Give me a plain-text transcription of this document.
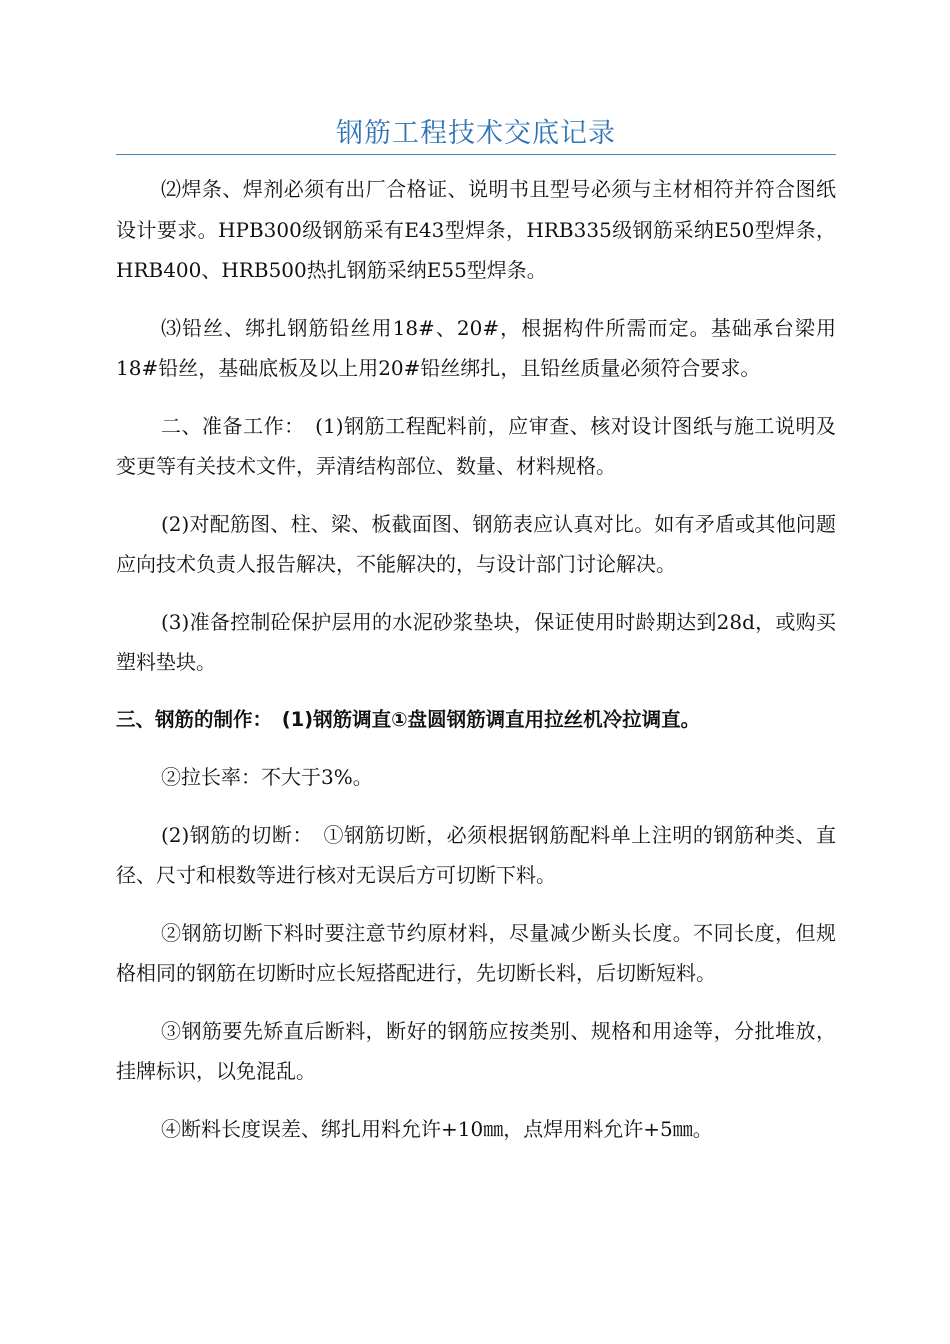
钢筋工程技术交底记录

⑵焊条、焊剂必须有出厂合格证、说明书且型号必须与主材相符并符合图纸设计要求。HPB300级钢筋采有E43型焊条，HRB335级钢筋采纳E50型焊条，HRB400、HRB500热扎钢筋采纳E55型焊条。

⑶铅丝、绑扎钢筋铅丝用18#、20#，根据构件所需而定。基础承台梁用18#铅丝，基础底板及以上用20#铅丝绑扎，且铅丝质量必须符合要求。

二、准备工作：　(1)钢筋工程配料前，应审查、核对设计图纸与施工说明及变更等有关技术文件，弄清结构部位、数量、材料规格。

(2)对配筋图、柱、梁、板截面图、钢筋表应认真对比。如有矛盾或其他问题应向技术负责人报告解决，不能解决的，与设计部门讨论解决。

(3)准备控制砼保护层用的水泥砂浆垫块，保证使用时龄期达到28d，或购买塑料垫块。

三、钢筋的制作：　(1)钢筋调直①盘圆钢筋调直用拉丝机冷拉调直。

②拉长率：不大于3%。

(2)钢筋的切断：　①钢筋切断，必须根据钢筋配料单上注明的钢筋种类、直径、尺寸和根数等进行核对无误后方可切断下料。

②钢筋切断下料时要注意节约原材料，尽量减少断头长度。不同长度，但规格相同的钢筋在切断时应长短搭配进行，先切断长料，后切断短料。

③钢筋要先矫直后断料，断好的钢筋应按类别、规格和用途等，分批堆放，挂牌标识，以免混乱。

④断料长度误差、绑扎用料允许+10㎜，点焊用料允许+5㎜。
